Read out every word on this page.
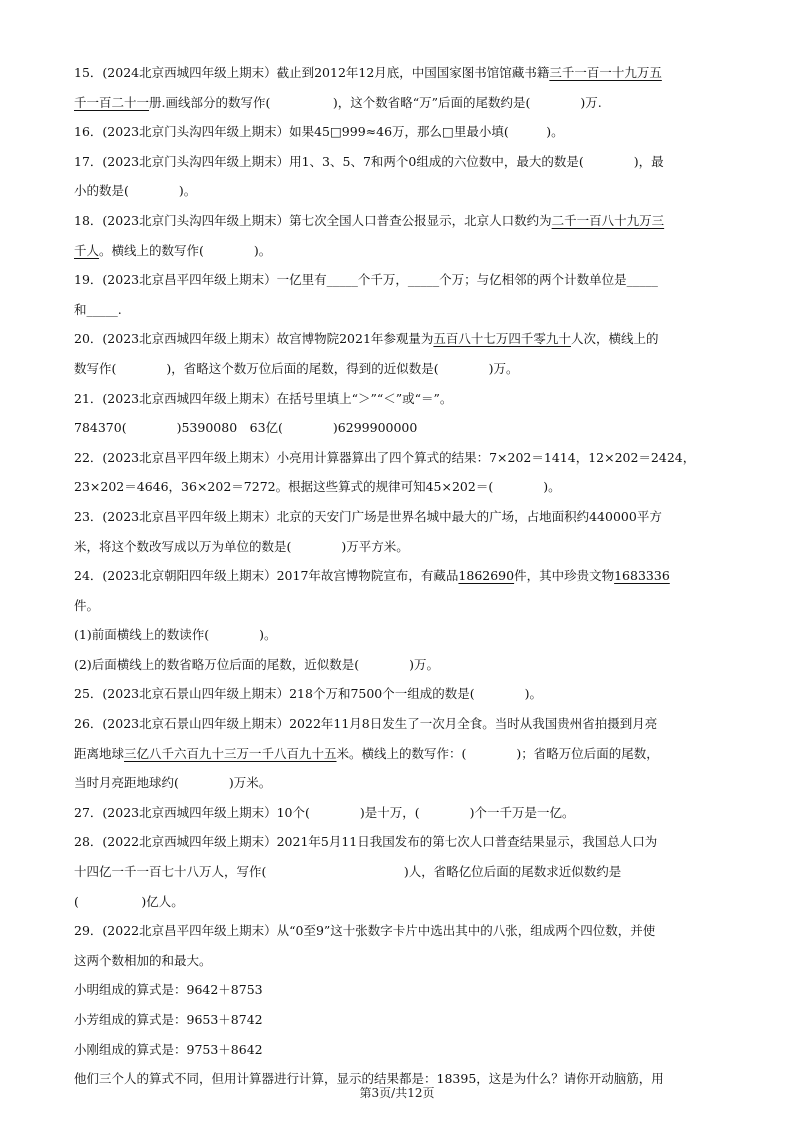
15．(2024北京西城四年级上期末）截止到2012年12月底，中国国家图书馆馆藏书籍三千一百一十九万五
千一百二十一册.画线部分的数写作(　　　　　)，这个数省略“万”后面的尾数约是(　　　　)万.
16．(2023北京门头沟四年级上期末）如果45□999≈46万，那么□里最小填(　　　)。
17．(2023北京门头沟四年级上期末）用1、3、5、7和两个0组成的六位数中，最大的数是(　　　　)，最
小的数是(　　　　)。
18．(2023北京门头沟四年级上期末）第七次全国人口普查公报显示，北京人口数约为二千一百八十九万三
千人。横线上的数写作(　　　　)。
19．(2023北京昌平四年级上期末）一亿里有_____个千万，_____个万；与亿相邻的两个计数单位是_____
和_____.
20．(2023北京西城四年级上期末）故宫博物院2021年参观量为五百八十七万四千零九十人次，横线上的
数写作(　　　　)，省略这个数万位后面的尾数，得到的近似数是(　　　　)万。
21．(2023北京西城四年级上期末）在括号里填上“＞”“＜”或“＝”。
784370(　　　　)5390080　63亿(　　　　)6299900000
22．(2023北京昌平四年级上期末）小亮用计算器算出了四个算式的结果：7×202＝1414，12×202＝2424，
23×202＝4646，36×202＝7272。根据这些算式的规律可知45×202＝(　　　　)。
23．(2023北京昌平四年级上期末）北京的天安门广场是世界名城中最大的广场，占地面积约440000平方
米，将这个数改写成以万为单位的数是(　　　　)万平方米。
24．(2023北京朝阳四年级上期末）2017年故宫博物院宣布，有藏品1862690件，其中珍贵文物1683336
件。
(1)前面横线上的数读作(　　　　)。
(2)后面横线上的数省略万位后面的尾数，近似数是(　　　　)万。
25．(2023北京石景山四年级上期末）218个万和7500个一组成的数是(　　　　)。
26．(2023北京石景山四年级上期末）2022年11月8日发生了一次月全食。当时从我国贵州省拍摄到月亮
距离地球三亿八千六百九十三万一千八百九十五米。横线上的数写作：(　　　　)；省略万位后面的尾数，
当时月亮距地球约(　　　　)万米。
27．(2023北京西城四年级上期末）10个(　　　　)是十万，(　　　　)个一千万是一亿。
28．(2022北京西城四年级上期末）2021年5月11日我国发布的第七次人口普查结果显示，我国总人口为
十四亿一千一百七十八万人，写作(　　　　　　　　　　　)人，省略亿位后面的尾数求近似数约是
(　　　　　)亿人。
29．(2022北京昌平四年级上期末）从“0至9”这十张数字卡片中选出其中的八张，组成两个四位数，并使
这两个数相加的和最大。
小明组成的算式是：9642＋8753
小芳组成的算式是：9653＋8742
小刚组成的算式是：9753＋8642
他们三个人的算式不同，但用计算器进行计算，显示的结果都是：18395，这是为什么？请你开动脑筋，用
第3页/共12页
